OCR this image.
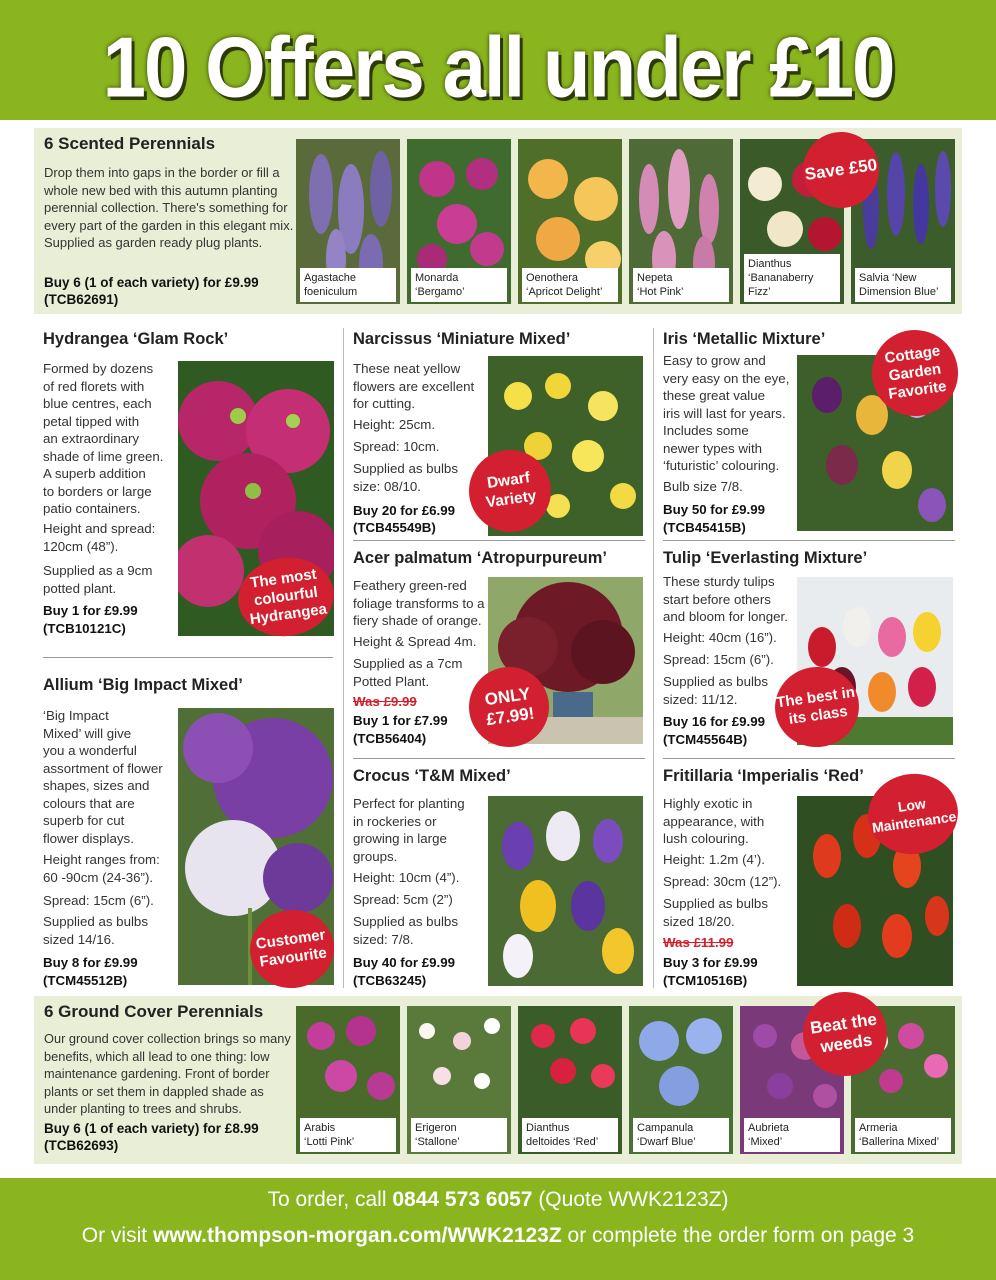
10 Offers all under £10
6 Scented Perennials
Drop them into gaps in the border or fill a whole new bed with this autumn planting perennial collection. There's something for every part of the garden in this elegant mix. Supplied as garden ready plug plants.
Buy 6 (1 of each variety) for £9.99
(TCB62691)
Agastache
foeniculum
Monarda
‘Bergamo’
Oenothera
‘Apricot Delight’
Nepeta
‘Hot Pink’
Dianthus
‘Bananaberry Fizz’
Salvia ‘New
Dimension Blue’
Save £50
Hydrangea ‘Glam Rock’
Formed by dozens
of red florets with
blue centres, each
petal tipped with
an extraordinary
shade of lime green.
A superb addition
to borders or large
patio containers.
Height and spread:
120cm (48”).
Supplied as a 9cm
potted plant.
Buy 1 for £9.99
(TCB10121C)
The most colourful Hydrangea
Allium ‘Big Impact Mixed’
‘Big Impact
Mixed’ will give
you a wonderful
assortment of flower
shapes, sizes and
colours that are
superb for cut
flower displays.
Height ranges from:
60 -90cm (24-36”).
Spread: 15cm (6”).
Supplied as bulbs
sized 14/16.
Buy 8 for £9.99
(TCM45512B)
Customer Favourite
Narcissus ‘Miniature Mixed’
These neat yellow
flowers are excellent
for cutting.
Height: 25cm.
Spread: 10cm.
Supplied as bulbs
size: 08/10.
Buy 20 for £6.99
(TCB45549B)
Dwarf Variety
Acer palmatum ‘Atropurpureum’
Feathery green-red
foliage transforms to a
fiery shade of orange.
Height & Spread 4m.
Supplied as a 7cm
Potted Plant.
Was £9.99
Buy 1 for £7.99
(TCB56404)
ONLY £7.99!
Crocus ‘T&M Mixed’
Perfect for planting
in rockeries or
growing in large
groups.
Height: 10cm (4”).
Spread: 5cm (2”)
Supplied as bulbs
sized: 7/8.
Buy 40 for £9.99
(TCB63245)
Iris ‘Metallic Mixture’
Easy to grow and
very easy on the eye,
these great value
iris will last for years.
Includes some
newer types with
‘futuristic’ colouring.
Bulb size 7/8.
Buy 50 for £9.99
(TCB45415B)
Cottage Garden Favorite
Tulip ‘Everlasting Mixture’
These sturdy tulips
start before others
and bloom for longer.
Height: 40cm (16”).
Spread: 15cm (6”).
Supplied as bulbs
sized: 11/12.
Buy 16 for £9.99
(TCM45564B)
The best in its class
Fritillaria ‘Imperialis ‘Red’
Highly exotic in
appearance, with
lush colouring.
Height: 1.2m (4’).
Spread: 30cm (12”).
Supplied as bulbs
sized 18/20.
Was £11.99
Buy 3 for £9.99
(TCM10516B)
Low Maintenance
6 Ground Cover Perennials
Our ground cover collection brings so many benefits, which all lead to one thing: low maintenance gardening. Front of border plants or set them in dappled shade as under planting to trees and shrubs.
Buy 6 (1 of each variety) for £8.99
(TCB62693)
Arabis
‘Lotti Pink’
Erigeron
‘Stallone’
Dianthus
deltoides ‘Red’
Campanula
‘Dwarf Blue’
Aubrieta
‘Mixed’
Armeria
‘Ballerina Mixed’
Beat the weeds
To order, call 0844 573 6057 (Quote WWK2123Z)
Or visit www.thompson-morgan.com/WWK2123Z or complete the order form on page 3
